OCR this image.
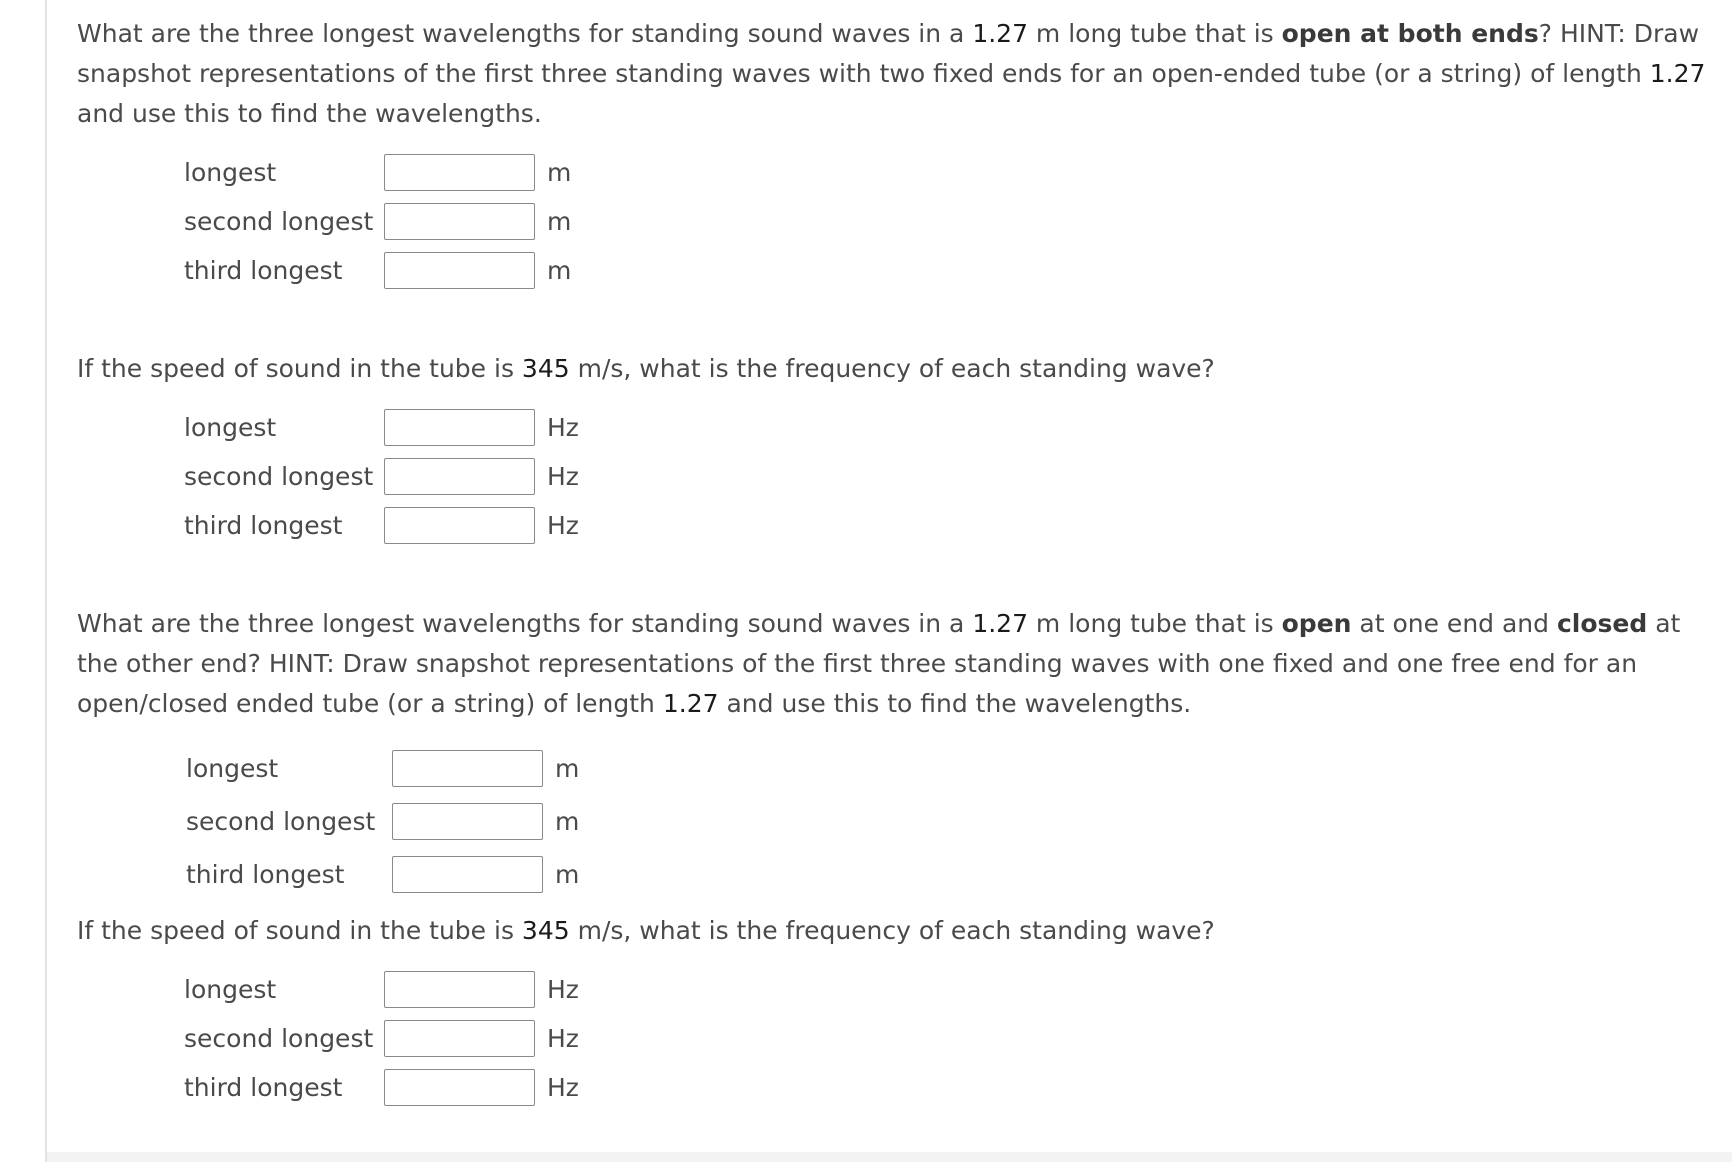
What are the three longest wavelengths for standing sound waves in a 1.27 m long tube that is open at both ends? HINT: Draw snapshot representations of the first three standing waves with two fixed ends for an open-ended tube (or a string) of length 1.27 and use this to find the wavelengths.

longest	m
second longest	m
third longest	m

If the speed of sound in the tube is 345 m/s, what is the frequency of each standing wave?

longest	Hz
second longest	Hz
third longest	Hz

What are the three longest wavelengths for standing sound waves in a 1.27 m long tube that is open at one end and closed at the other end? HINT: Draw snapshot representations of the first three standing waves with one fixed and one free end for an open/closed ended tube (or a string) of length 1.27 and use this to find the wavelengths.

longest	m
second longest	m
third longest	m

If the speed of sound in the tube is 345 m/s, what is the frequency of each standing wave?

longest	Hz
second longest	Hz
third longest	Hz
